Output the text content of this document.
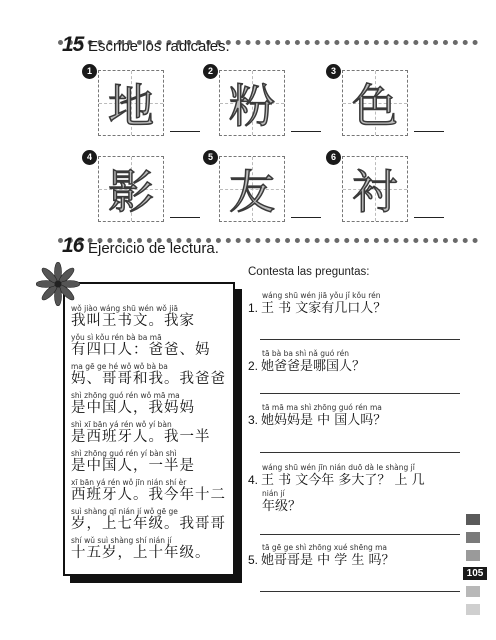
15 Escribe los radicales.
1
地
2
粉
3
色
4
影
5
友
6
衬
16 Ejercicio de lectura.
wǒ jiào wáng shū wén wǒ jiā
我叫王书文。我家
yǒu sì kǒu rén bà ba mā
有四口人：爸爸、妈
ma gē ge hé wǒ wǒ bà ba
妈、哥哥和我。我爸爸
shì zhōng guó rén wǒ mā ma
是中国人，我妈妈
shì xī bān yá rén wǒ yí bàn
是西班牙人。我一半
shì zhōng guó rén yí bàn shì
是中国人，一半是
xī bān yá rén wǒ jīn nián shí èr
西班牙人。我今年十二
suì shàng qī nián jí wǒ gē ge
岁，上七年级。我哥哥
shí wǔ suì shàng shí nián jí
十五岁，上十年级。
Contesta las preguntas:
wáng shū wén jiā yǒu jǐ kǒu rén
1. 王 书 文家有几口人？
tā bà ba shì nǎ guó rén
2. 她爸爸是哪国人？
tā mā ma shì zhōng guó rén ma
3. 她妈妈是 中 国人吗？
wáng shū wén jīn nián duō dà le shàng jǐ
4. 王 书 文今年 多大了？ 上 几
nián jí
年级？
tā gē ge shì zhōng xué shēng ma
5. 她哥哥是 中 学 生 吗？
105
